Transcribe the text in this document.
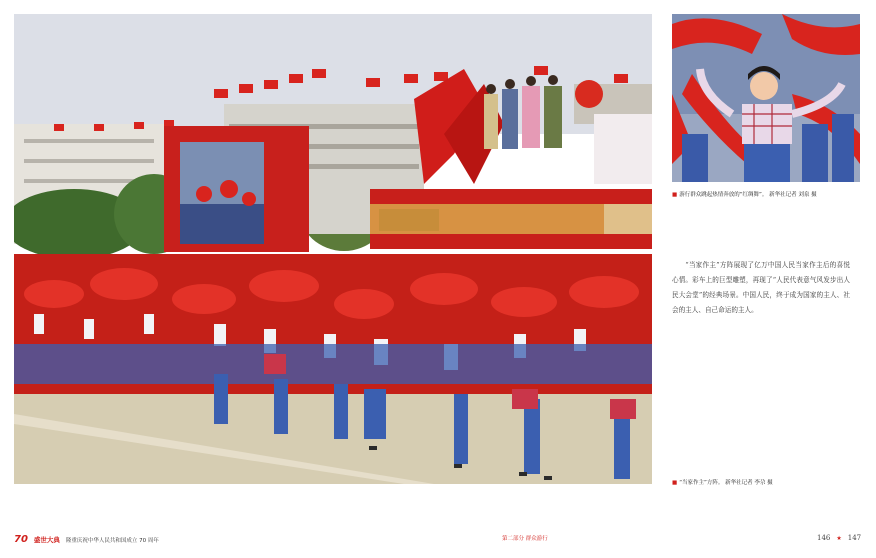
■ 游行群众跳起热情奔放的“红绸舞”。 新华社记者 刘泉 摄
“当家作主”方阵展现了亿万中国人民当家作主后的喜悦心情。彩车上的巨型雕塑，再现了“人民代表意气风发步出人民大会堂”的经典场景。中国人民，终于成为国家的主人、社会的主人、自己命运的主人。
■ “当家作主”方阵。 新华社记者 李尕 摄
70 盛世大典 隆重庆祝中华人民共和国成立 70 周年	第二部分 群众游行	146 ★ 147
